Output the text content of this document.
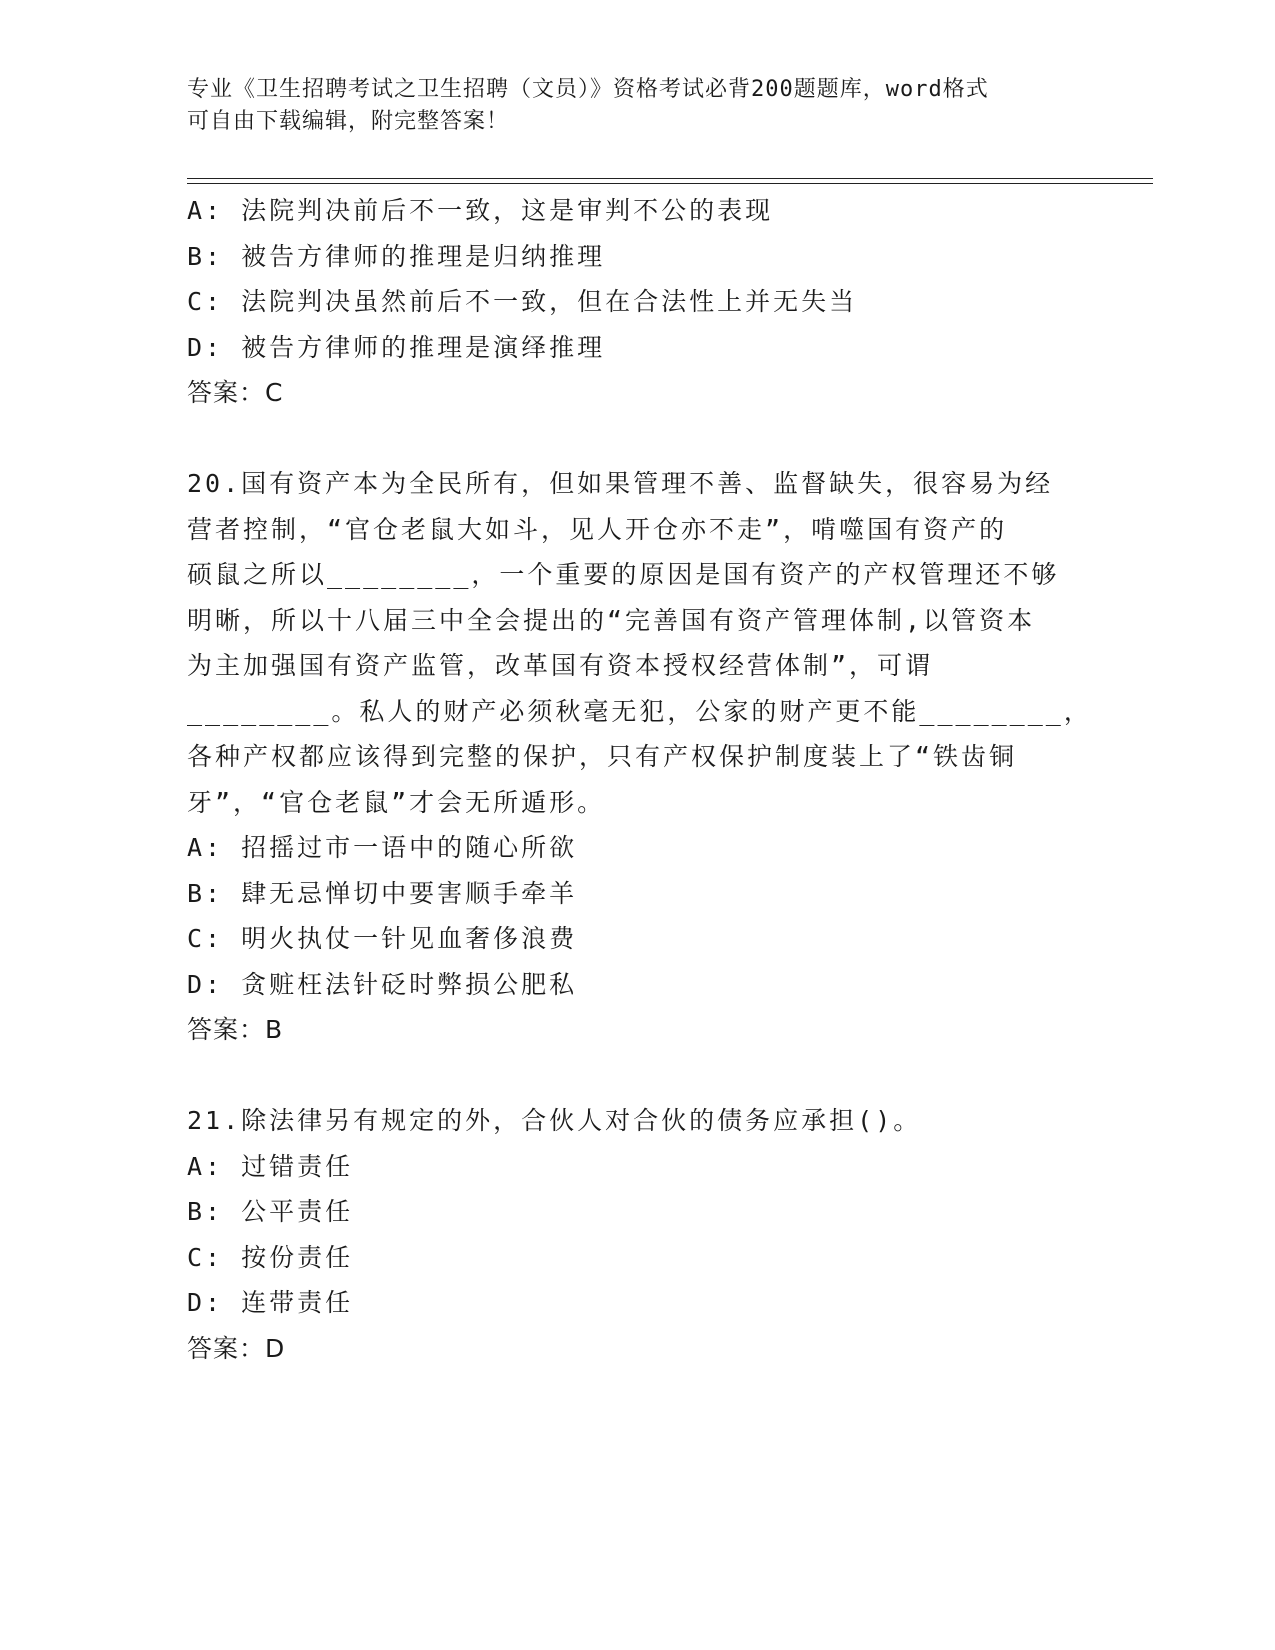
专业《卫生招聘考试之卫生招聘（文员）》资格考试必背200题题库，word格式
可自由下载编辑，附完整答案！
A: 法院判决前后不一致，这是审判不公的表现
B: 被告方律师的推理是归纳推理
C: 法院判决虽然前后不一致，但在合法性上并无失当
D: 被告方律师的推理是演绎推理
答案：C
20.国有资产本为全民所有，但如果管理不善、监督缺失，很容易为经
营者控制，“官仓老鼠大如斗，见人开仓亦不走”，啃噬国有资产的
硕鼠之所以________，一个重要的原因是国有资产的产权管理还不够
明晰，所以十八届三中全会提出的“完善国有资产管理体制,以管资本
为主加强国有资产监管，改革国有资本授权经营体制”，可谓
________。私人的财产必须秋毫无犯，公家的财产更不能________，
各种产权都应该得到完整的保护，只有产权保护制度装上了“铁齿铜
牙”，“官仓老鼠”才会无所遁形。
A: 招摇过市一语中的随心所欲
B: 肆无忌惮切中要害顺手牵羊
C: 明火执仗一针见血奢侈浪费
D: 贪赃枉法针砭时弊损公肥私
答案：B
21.除法律另有规定的外，合伙人对合伙的债务应承担()。
A: 过错责任
B: 公平责任
C: 按份责任
D: 连带责任
答案：D
